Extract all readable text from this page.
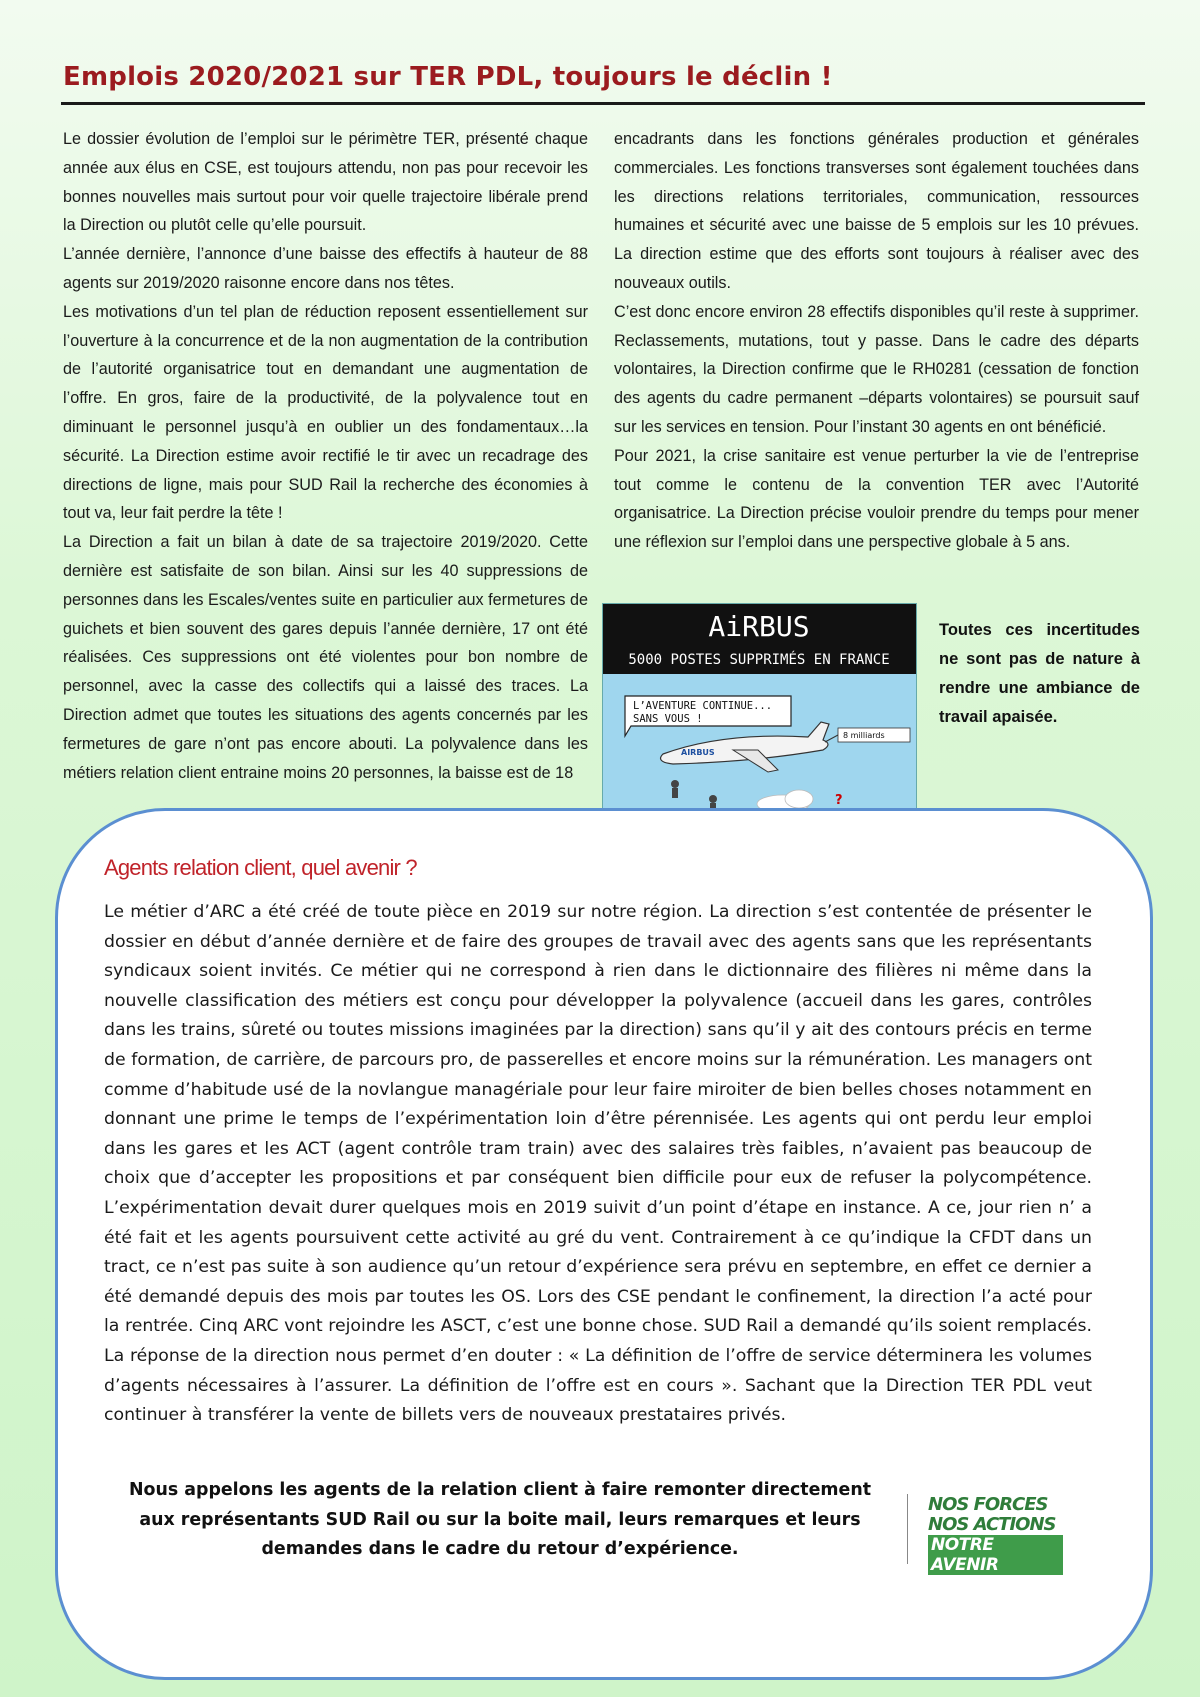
Emplois 2020/2021 sur TER PDL, toujours le déclin !

Le dossier évolution de l’emploi sur le périmètre TER, présenté chaque année aux élus en CSE, est toujours attendu, non pas pour recevoir les bonnes nouvelles mais surtout pour voir quelle trajectoire libérale prend la Direction ou plutôt celle qu’elle poursuit.

L’année dernière, l’annonce d’une baisse des effectifs à hauteur de 88 agents sur 2019/2020 raisonne encore dans nos têtes.

Les motivations d’un tel plan de réduction reposent essentiellement sur l’ouverture à la concurrence et de la non augmentation de la contribution de l’autorité organisatrice tout en demandant une augmentation de l’offre. En gros, faire de la productivité, de la polyvalence tout en diminuant le personnel jusqu’à en oublier un des fondamentaux…la sécurité. La Direction estime avoir rectifié le tir avec un recadrage des directions de ligne, mais pour SUD Rail la recherche des économies à tout va, leur fait perdre la tête !

La Direction a fait un bilan à date de sa trajectoire 2019/2020. Cette dernière est satisfaite de son bilan. Ainsi sur les 40 suppressions de personnes dans les Escales/ventes suite en particulier aux fermetures de guichets et bien souvent des gares depuis l’année dernière, 17 ont été réalisées. Ces suppressions ont été violentes pour bon nombre de personnel, avec la casse des collectifs qui a laissé des traces. La Direction admet que toutes les situations des agents concernés par les fermetures de gare n’ont pas encore abouti. La polyvalence dans les métiers relation client entraine moins 20 personnes, la baisse est de 18

encadrants dans les fonctions générales production et générales commerciales. Les fonctions transverses sont également touchées dans les directions relations territoriales, communication, ressources humaines et sécurité avec une baisse de 5 emplois sur les 10 prévues. La direction estime que des efforts sont toujours à réaliser avec des nouveaux outils.

C’est donc encore environ 28 effectifs disponibles qu’il reste à supprimer. Reclassements, mutations, tout y passe. Dans le cadre des départs volontaires, la Direction confirme que le RH0281 (cessation de fonction des agents du cadre permanent –départs volontaires) se poursuit sauf sur les services en tension. Pour l’instant 30 agents en ont bénéficié.

Pour 2021, la crise sanitaire est venue perturber la vie de l’entreprise tout comme le contenu de la convention TER avec l’Autorité organisatrice. La Direction précise vouloir prendre du temps pour mener une réflexion sur l’emploi dans une perspective globale à 5 ans.

AiRBUS
5000 POSTES SUPPRIMÉS EN FRANCE
L’AVENTURE CONTINUE...
SANS VOUS !
AIRBUS
8 milliards
?
Toutes ces incertitudes ne sont pas de nature à rendre une ambiance de travail apaisée.
Agents relation client, quel avenir ?

Le métier d’ARC a été créé de toute pièce en 2019 sur notre région. La direction s’est contentée de présenter le dossier en début d’année dernière et de faire des groupes de travail avec des agents sans que les représentants syndicaux soient invités. Ce métier qui ne correspond à rien dans le dictionnaire des filières ni même dans la nouvelle classification des métiers est conçu pour développer la polyvalence (accueil dans les gares, contrôles dans les trains, sûreté ou toutes missions imaginées par la direction) sans qu’il y ait des contours précis en terme de formation, de carrière, de parcours pro, de passerelles et encore moins sur la rémunération. Les managers ont comme d’habitude usé de la novlangue managériale pour leur faire miroiter de bien belles choses notamment en donnant une prime le temps de l’expérimentation loin d’être pérennisée. Les agents qui ont perdu leur emploi dans les gares et les ACT (agent contrôle tram train) avec des salaires très faibles, n’avaient pas beaucoup de choix que d’accepter les propositions et par conséquent bien difficile pour eux de refuser la polycompétence. L’expérimentation devait durer quelques mois en 2019 suivit d’un point d’étape en instance. A ce, jour rien n’ a été fait et les agents poursuivent cette activité au gré du vent. Contrairement à ce qu’indique la CFDT dans un tract, ce n’est pas suite à son audience qu’un retour d’expérience sera prévu en septembre, en effet ce dernier a été demandé depuis des mois par toutes les OS. Lors des CSE pendant le confinement, la direction l’a acté pour la rentrée. Cinq ARC vont rejoindre les ASCT, c’est une bonne chose. SUD Rail a demandé qu’ils soient remplacés. La réponse de la direction nous permet d’en douter : « La définition de l’offre de service déterminera les volumes d’agents nécessaires à l’assurer. La définition de l’offre est en cours ». Sachant que la Direction TER PDL veut continuer à transférer la vente de billets vers de nouveaux prestataires privés.

Nous appelons les agents de la relation client à faire remonter directement aux représentants SUD Rail ou sur la boite mail, leurs remarques et leurs demandes dans le cadre du retour d’expérience.
NOS FORCES
NOS ACTIONS
NOTRE AVENIR
